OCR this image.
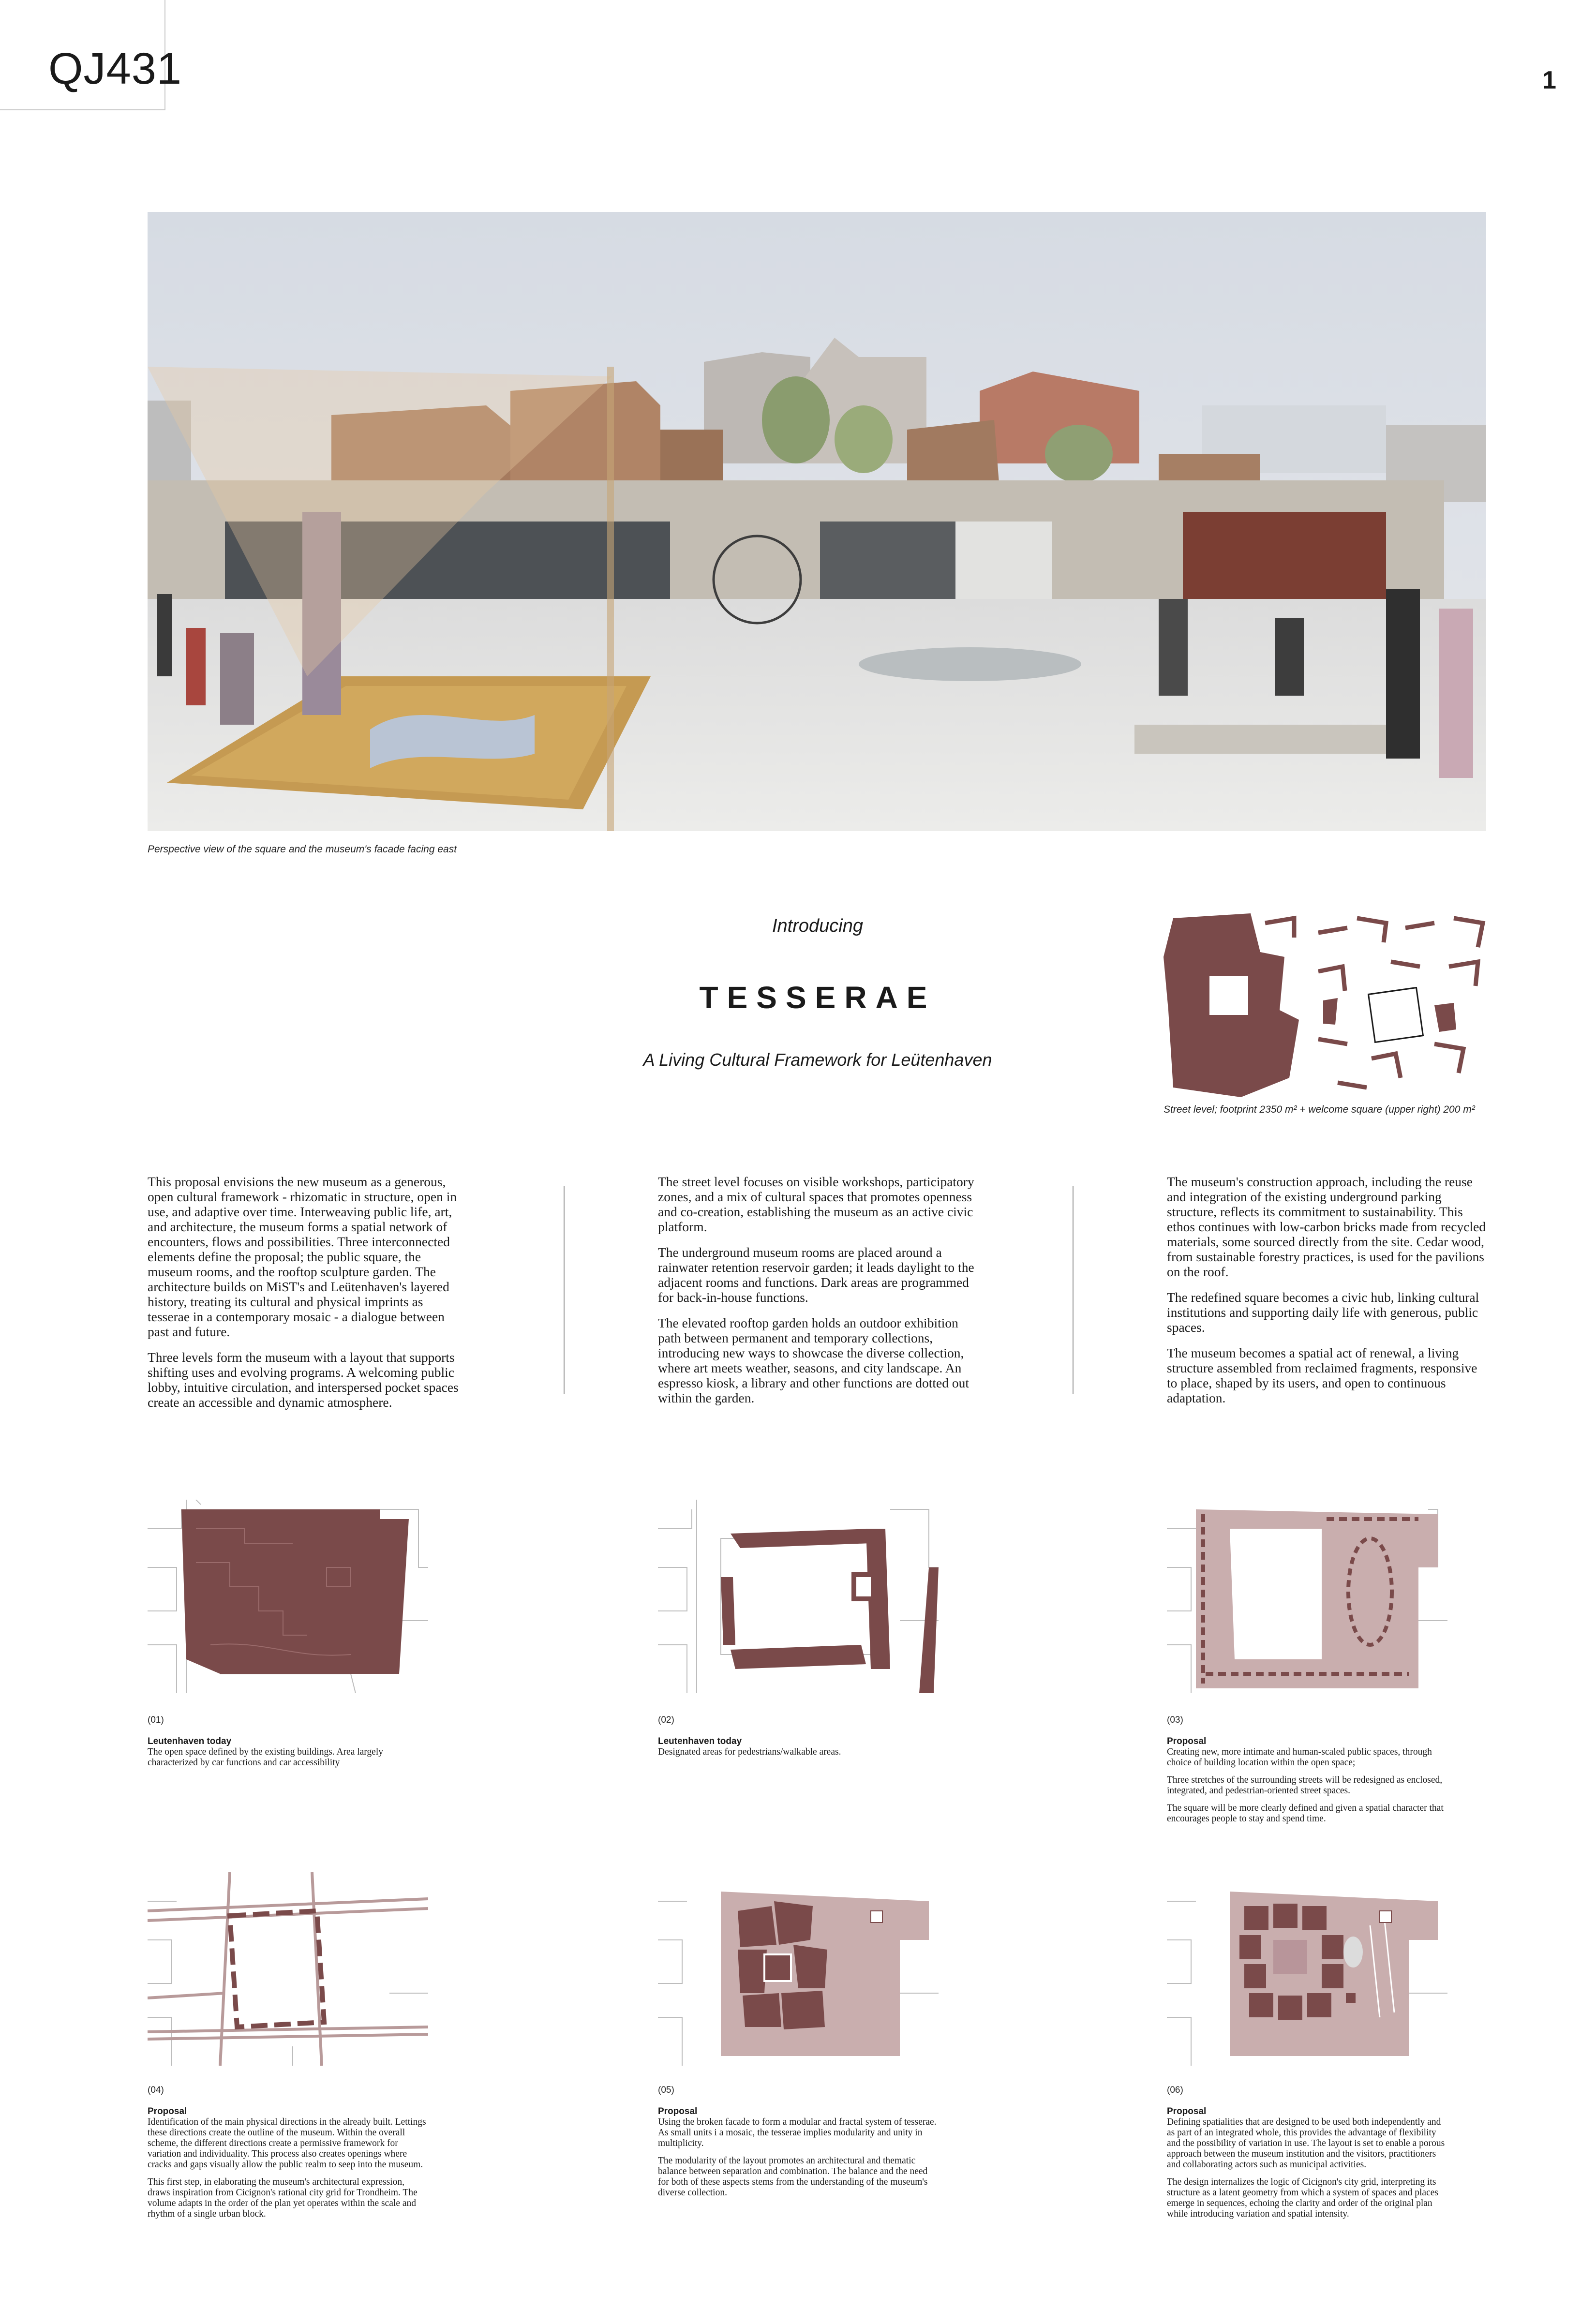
QJ431	1
Perspective view of the square and the museum's facade facing east
Introducing
TESSERAE
A Living Cultural Framework for Leütenhaven
Street level; footprint 2350 m² + welcome square (upper right) 200 m²

This proposal envisions the new museum as a generous, open cultural framework - rhizomatic in structure, open in use, and adaptive over time. Interweaving public life, art, and architecture, the museum forms a spatial network of encounters, flows and possibilities. Three interconnected elements define the proposal; the public square, the museum rooms, and the rooftop sculpture garden. The architecture builds on MiST's and Leütenhaven's layered history, treating its cultural and physical imprints as tesserae in a contemporary mosaic - a dialogue between past and future.

Three levels form the museum with a layout that supports shifting uses and evolving programs. A welcoming public lobby, intuitive circulation, and interspersed pocket spaces create an accessible and dynamic atmosphere.

The street level focuses on visible workshops, participatory zones, and a mix of cultural spaces that promotes openness and co-creation, establishing the museum as an active civic platform.

The underground museum rooms are placed around a rainwater retention reservoir garden; it leads daylight to the adjacent rooms and functions. Dark areas are programmed for back-in-house functions.

The elevated rooftop garden holds an outdoor exhibition path between permanent and temporary collections, introducing new ways to showcase the diverse collection, where art meets weather, seasons, and city landscape. An espresso kiosk, a library and other functions are dotted out within the garden.

The museum's construction approach, including the reuse and integration of the existing underground parking structure, reflects its commitment to sustainability. This ethos continues with low-carbon bricks made from recycled materials, some sourced directly from the site. Cedar wood, from sustainable forestry practices, is used for the pavilions on the roof.

The redefined square becomes a civic hub, linking cultural institutions and supporting daily life with generous, public spaces.

The museum becomes a spatial act of renewal, a living structure assembled from reclaimed fragments, responsive to place, shaped by its users, and open to continuous adaptation.

(01)
Leutenhaven today

The open space defined by the existing buildings. Area largely characterized by car functions and car accessibility

(02)
Leutenhaven today

Designated areas for pedestrians/walkable areas.

(03)
Proposal

Creating new, more intimate and human-scaled public spaces, through choice of building location within the open space;

Three stretches of the surrounding streets will be redesigned as enclosed, integrated, and pedestrian-oriented street spaces.

The square will be more clearly defined and given a spatial character that encourages people to stay and spend time.

(04)
Proposal

Identification of the main physical directions in the already built. Lettings these directions create the outline of the museum. Within the overall scheme, the different directions create a permissive framework for variation and individuality. This process also creates openings where cracks and gaps visually allow the public realm to seep into the museum.

This first step, in elaborating the museum's architectural expression, draws inspiration from Cicignon's rational city grid for Trondheim. The volume adapts in the order of the plan yet operates within the scale and rhythm of a single urban block.

(05)
Proposal

Using the broken facade to form a modular and fractal system of tesserae. As small units i a mosaic, the tesserae implies modularity and unity in multiplicity.

The modularity of the layout promotes an architectural and thematic balance between separation and combination. The balance and the need for both of these aspects stems from the understanding of the museum's diverse collection.

(06)
Proposal

Defining spatialities that are designed to be used both independently and as part of an integrated whole, this provides the advantage of flexibility and the possibility of variation in use. The layout is set to enable a porous approach between the museum institution and the visitors, practitioners and collaborating actors such as municipal activities.

The design internalizes the logic of Cicignon's city grid, interpreting its structure as a latent geometry from which a system of spaces and places emerge in sequences, echoing the clarity and order of the original plan while introducing variation and spatial intensity.
